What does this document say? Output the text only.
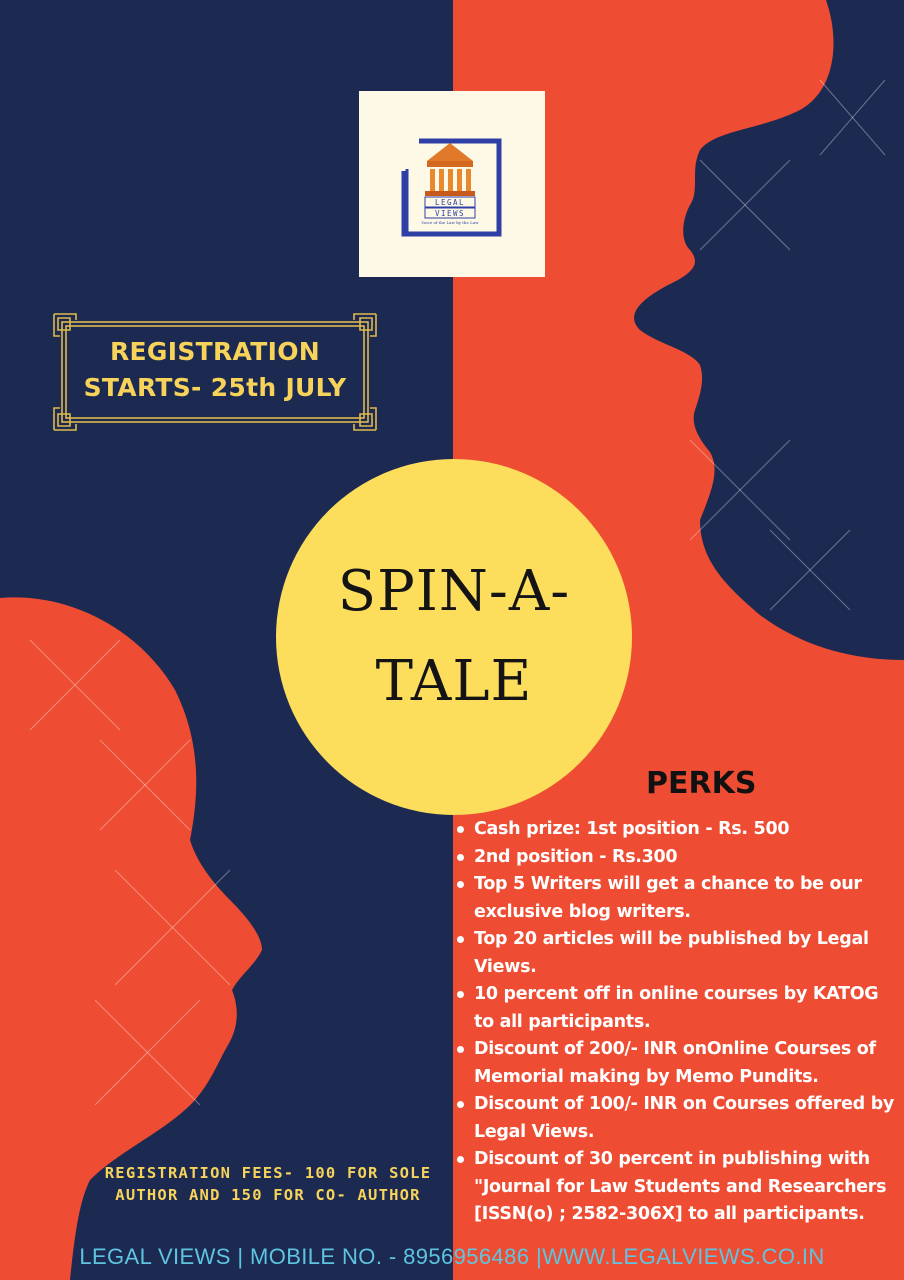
LEGAL
VIEWS
Voice of the Law by the Law
REGISTRATION
STARTS- 25th JULY
SPIN-A-
TALE
PERKS
Cash prize: 1st position - Rs. 500
2nd position - Rs.300
Top 5 Writers will get a chance to be our exclusive blog writers.
Top 20 articles will be published by Legal Views.
10 percent off in online courses by KATOG to all participants.
Discount of 200/- INR onOnline Courses of Memorial making by Memo Pundits.
Discount of 100/- INR on Courses offered by Legal Views.
Discount of 30 percent in publishing with "Journal for Law Students and Researchers [ISSN(o) ; 2582-306X] to all participants.
REGISTRATION FEES- 100 FOR SOLE
AUTHOR AND 150 FOR CO- AUTHOR
LEGAL VIEWS | MOBILE NO. - 8956956486 |WWW.LEGALVIEWS.CO.IN
